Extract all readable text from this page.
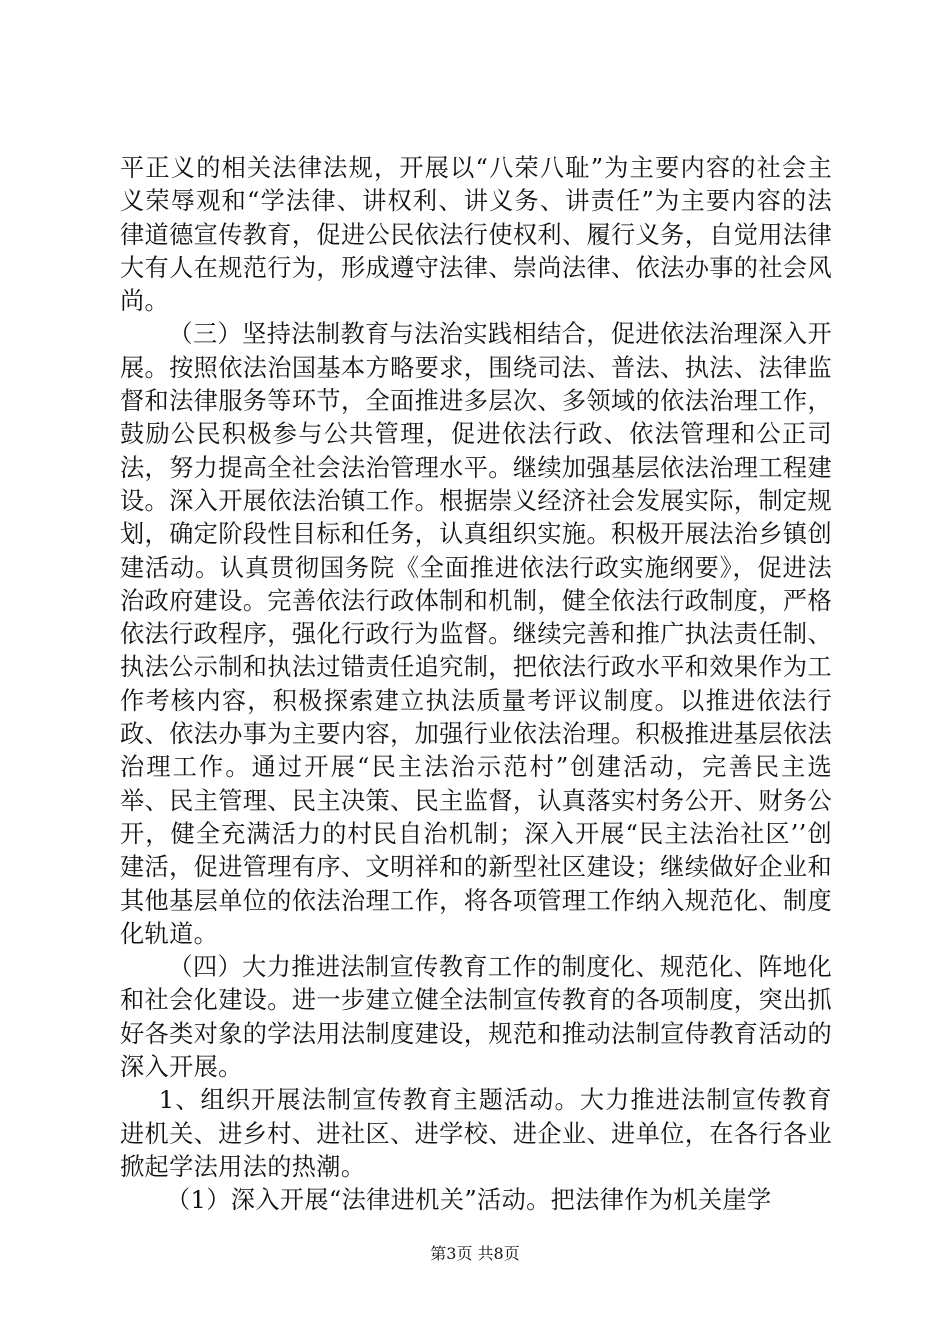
平正义的相关法律法规，开展以“八荣八耻”为主要内容的社会主义荣辱观和“学法律、讲权利、讲义务、讲责任”为主要内容的法律道德宣传教育，促进公民依法行使权利、履行义务，自觉用法律大有人在规范行为，形成遵守法律、崇尚法律、依法办事的社会风尚。

（三）坚持法制教育与法治实践相结合，促进依法治理深入开展。按照依法治国基本方略要求，围绕司法、普法、执法、法律监督和法律服务等环节，全面推进多层次、多领域的依法治理工作，鼓励公民积极参与公共管理，促进依法行政、依法管理和公正司法，努力提高全社会法治管理水平。继续加强基层依法治理工程建设。深入开展依法治镇工作。根据崇义经济社会发展实际，制定规划，确定阶段性目标和任务，认真组织实施。积极开展法治乡镇创建活动。认真贯彻国务院《全面推进依法行政实施纲要》，促进法治政府建设。完善依法行政体制和机制，健全依法行政制度，严格依法行政程序，强化行政行为监督。继续完善和推广执法责任制、执法公示制和执法过错责任追究制，把依法行政水平和效果作为工作考核内容，积极探索建立执法质量考评议制度。以推进依法行政、依法办事为主要内容，加强行业依法治理。积极推进基层依法治理工作。通过开展“民主法治示范村”创建活动，完善民主选举、民主管理、民主决策、民主监督，认真落实村务公开、财务公开，健全充满活力的村民自治机制；深入开展“民主法治社区’’创建活，促进管理有序、文明祥和的新型社区建设；继续做好企业和其他基层单位的依法治理工作，将各项管理工作纳入规范化、制度化轨道。

（四）大力推进法制宣传教育工作的制度化、规范化、阵地化和社会化建设。进一步建立健全法制宣传教育的各项制度，突出抓好各类对象的学法用法制度建设，规范和推动法制宣侍教育活动的深入开展。

1、组织开展法制宣传教育主题活动。大力推进法制宣传教育进机关、进乡村、进社区、进学校、进企业、进单位，在各行各业掀起学法用法的热潮。

（1）深入开展“法律进机关”活动。把法律作为机关崖学

第3页 共8页
